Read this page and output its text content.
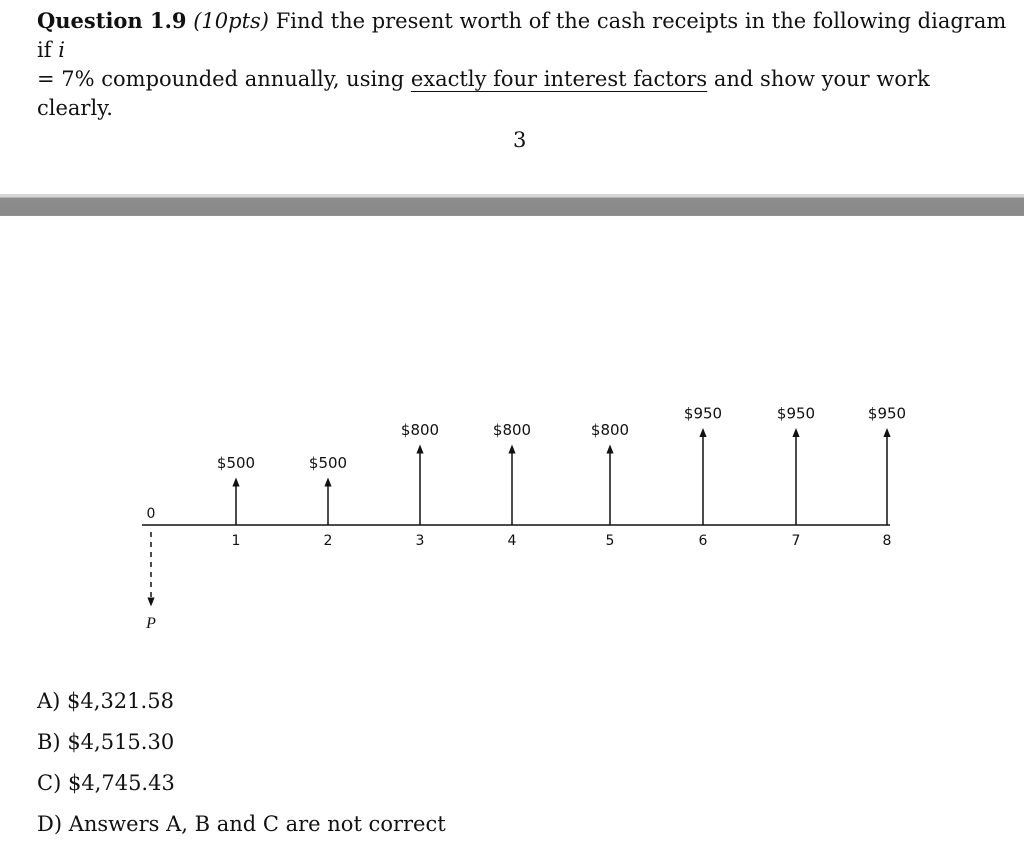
Question 1.9 (10pts) Find the present worth of the cash receipts in the following diagram if i
= 7% compounded annually, using exactly four interest factors and show your work clearly.
3
0
P
$500	$500
$800	$800	$800
$950	$950	$950
1	2	3	4	5	6	7	8
A) $4,321.58
B) $4,515.30
C) $4,745.43
D) Answers A, B and C are not correct
